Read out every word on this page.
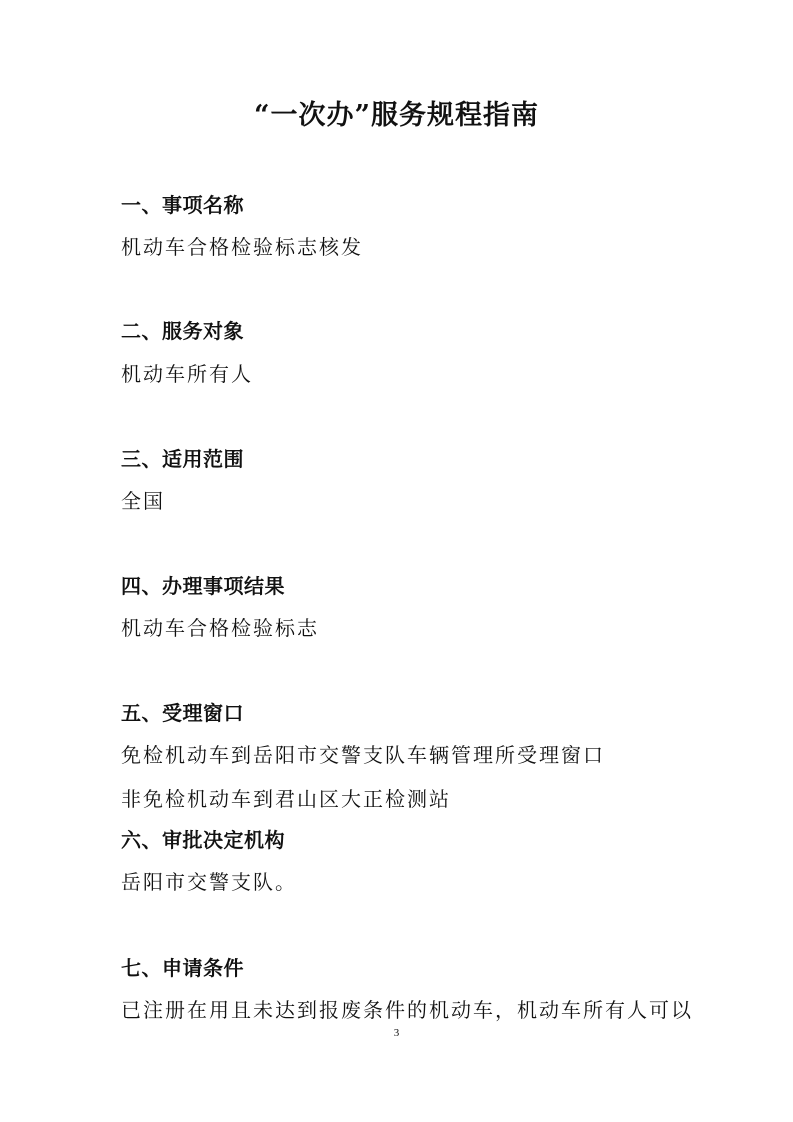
“一次办”服务规程指南
一、事项名称
机动车合格检验标志核发
二、服务对象
机动车所有人
三、适用范围
全国
四、办理事项结果
机动车合格检验标志
五、受理窗口
免检机动车到岳阳市交警支队车辆管理所受理窗口
非免检机动车到君山区大正检测站
六、审批决定机构
岳阳市交警支队。
七、申请条件
已注册在用且未达到报废条件的机动车，机动车所有人可以
3
